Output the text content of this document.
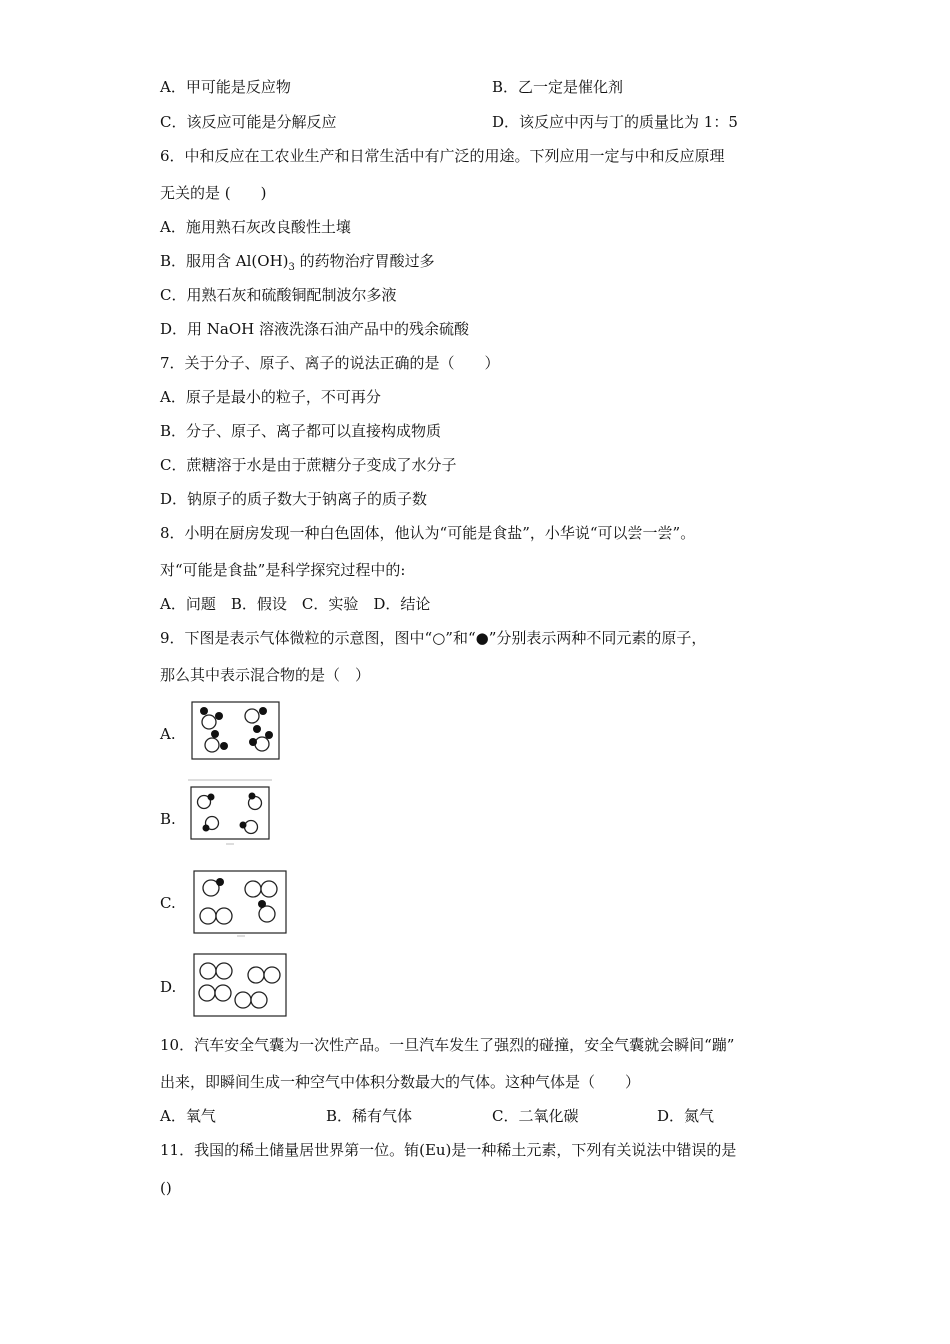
A．甲可能是反应物	B．乙一定是催化剂
C．该反应可能是分解反应	D．该反应中丙与丁的质量比为 1：5
6．中和反应在工农业生产和日常生活中有广泛的用途。下列应用一定与中和反应原理
无关的是 (　　)
A．施用熟石灰改良酸性土壤
B．服用含 $Al(OH)_3$ 的药物治疗胃酸过多
C．用熟石灰和硫酸铜配制波尔多液
D．用 NaOH 溶液洗涤石油产品中的残余硫酸
7．关于分子、原子、离子的说法正确的是（　　）
A．原子是最小的粒子，不可再分
B．分子、原子、离子都可以直接构成物质
C．蔗糖溶于水是由于蔗糖分子变成了水分子
D．钠原子的质子数大于钠离子的质子数
8．小明在厨房发现一种白色固体，他认为“可能是食盐”，小华说“可以尝一尝”。
对“可能是食盐”是科学探究过程中的:
A．问题　B．假设　C．实验　D．结论
9．下图是表示气体微粒的示意图，图中“○”和“●”分别表示两种不同元素的原子，
那么其中表示混合物的是（　）
A.
B.
C.
D.
10．汽车安全气囊为一次性产品。一旦汽车发生了强烈的碰撞，安全气囊就会瞬间“蹦”
出来，即瞬间生成一种空气中体积分数最大的气体。这种气体是（　　）
A．氧气	B．稀有气体	C．二氧化碳	D．氮气
11．我国的稀土储量居世界第一位。铕(Eu)是一种稀土元素，下列有关说法中错误的是
()
